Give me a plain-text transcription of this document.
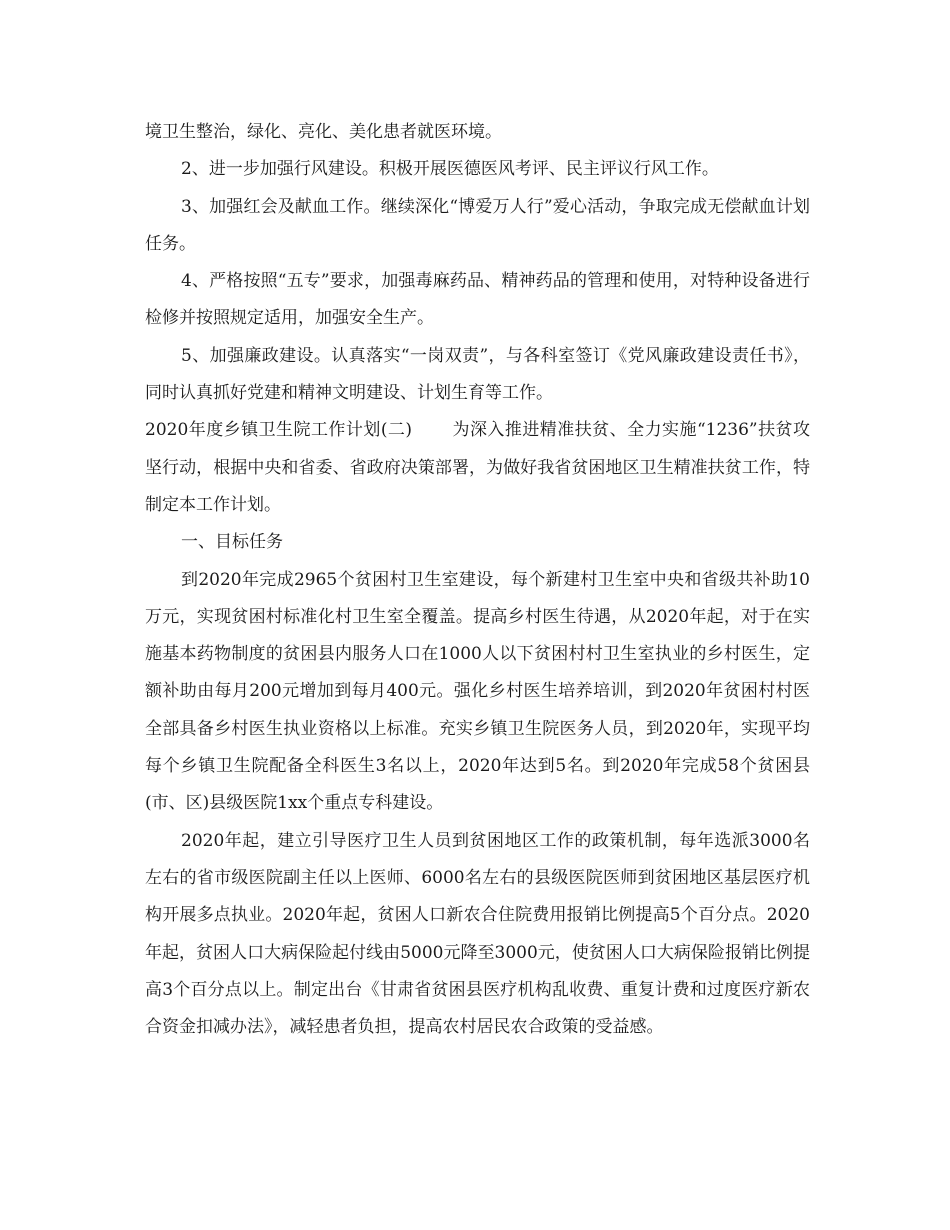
境卫生整治，绿化、亮化、美化患者就医环境。

2、进一步加强行风建设。积极开展医德医风考评、民主评议行风工作。

3、加强红会及献血工作。继续深化“博爱万人行”爱心活动，争取完成无偿献血计划任务。

4、严格按照“五专”要求，加强毒麻药品、精神药品的管理和使用，对特种设备进行检修并按照规定适用，加强安全生产。

5、加强廉政建设。认真落实“一岗双责”，与各科室签订《党风廉政建设责任书》，同时认真抓好党建和精神文明建设、计划生育等工作。

2020年度乡镇卫生院工作计划(二) 为深入推进精准扶贫、全力实施“1236”扶贫攻坚行动，根据中央和省委、省政府决策部署，为做好我省贫困地区卫生精准扶贫工作，特制定本工作计划。

一、目标任务

到2020年完成2965个贫困村卫生室建设，每个新建村卫生室中央和省级共补助10万元，实现贫困村标准化村卫生室全覆盖。提高乡村医生待遇，从2020年起，对于在实施基本药物制度的贫困县内服务人口在1000人以下贫困村村卫生室执业的乡村医生，定额补助由每月200元增加到每月400元。强化乡村医生培养培训，到2020年贫困村村医全部具备乡村医生执业资格以上标准。充实乡镇卫生院医务人员，到2020年，实现平均每个乡镇卫生院配备全科医生3名以上，2020年达到5名。到2020年完成58个贫困县(市、区)县级医院1xx个重点专科建设。

2020年起，建立引导医疗卫生人员到贫困地区工作的政策机制，每年选派3000名左右的省市级医院副主任以上医师、6000名左右的县级医院医师到贫困地区基层医疗机构开展多点执业。2020年起，贫困人口新农合住院费用报销比例提高5个百分点。2020年起，贫困人口大病保险起付线由5000元降至3000元，使贫困人口大病保险报销比例提高3个百分点以上。制定出台《甘肃省贫困县医疗机构乱收费、重复计费和过度医疗新农合资金扣减办法》，减轻患者负担，提高农村居民农合政策的受益感。
